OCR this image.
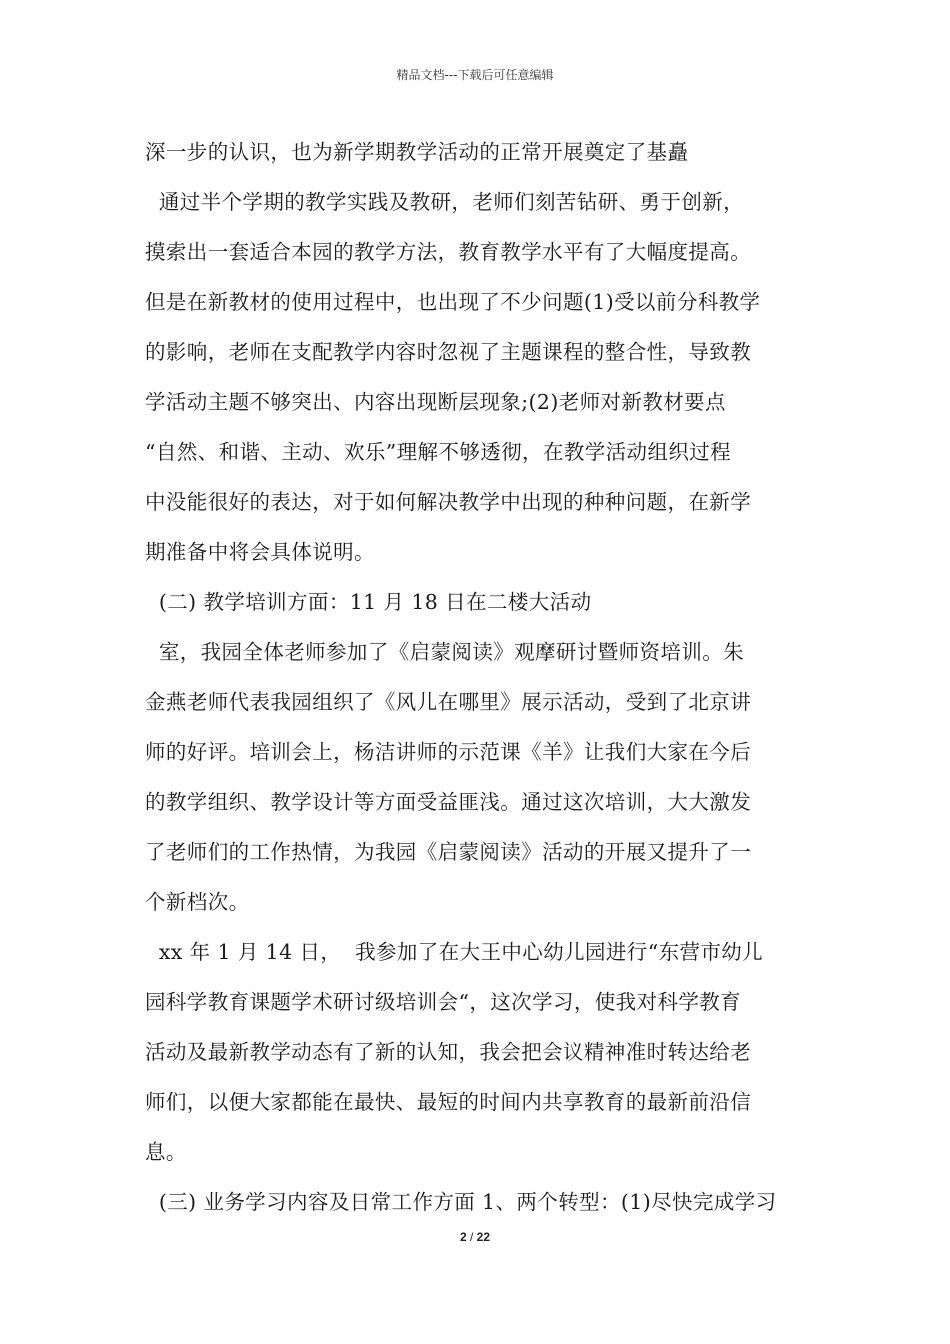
精品文档---下载后可任意编辑

深一步的认识，也为新学期教学活动的正常开展奠定了基矗

通过半个学期的教学实践及教研，老师们刻苦钻研、勇于创新，

摸索出一套适合本园的教学方法，教育教学水平有了大幅度提高。

但是在新教材的使用过程中，也出现了不少问题(1)受以前分科教学

的影响，老师在支配教学内容时忽视了主题课程的整合性，导致教

学活动主题不够突出、内容出现断层现象;(2)老师对新教材要点

“自然、和谐、主动、欢乐”理解不够透彻，在教学活动组织过程

中没能很好的表达，对于如何解决教学中出现的种种问题，在新学

期准备中将会具体说明。

(二) 教学培训方面：11 月 18 日在二楼大活动

室，我园全体老师参加了《启蒙阅读》观摩研讨暨师资培训。朱

金燕老师代表我园组织了《风儿在哪里》展示活动，受到了北京讲

师的好评。培训会上，杨洁讲师的示范课《羊》让我们大家在今后

的教学组织、教学设计等方面受益匪浅。通过这次培训，大大激发

了老师们的工作热情，为我园《启蒙阅读》活动的开展又提升了一

个新档次。

xx 年 1 月 14 日，  我参加了在大王中心幼儿园进行“东营市幼儿

园科学教育课题学术研讨级培训会“，这次学习，使我对科学教育

活动及最新教学动态有了新的认知，我会把会议精神准时转达给老

师们，以便大家都能在最快、最短的时间内共享教育的最新前沿信

息。

(三) 业务学习内容及日常工作方面 1、两个转型：(1)尽快完成学习

2 / 22
